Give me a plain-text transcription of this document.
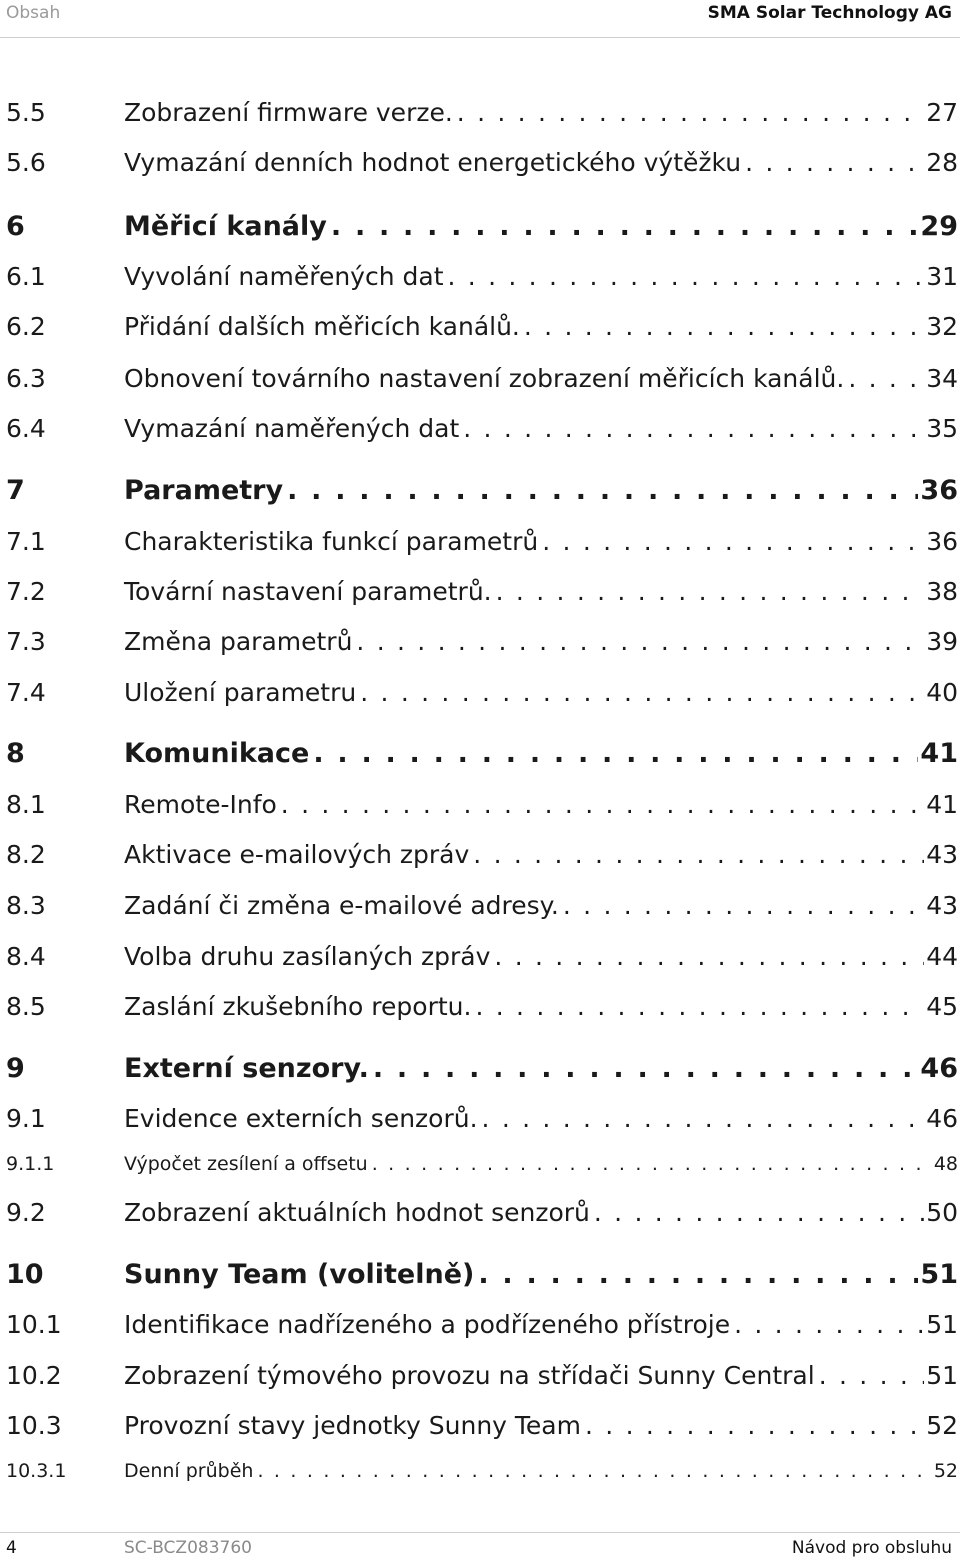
Obsah	SMA Solar Technology AG
5.5	Zobrazení firmware verze. . . .	27
5.6	Vymazání denních hodnot energetického výtěžku . . .	28
6	Měřicí kanály . . .	29
6.1	Vyvolání naměřených dat . . .	31
6.2	Přidání dalších měřicích kanálů. . . .	32
6.3	Obnovení továrního nastavení zobrazení měřicích kanálů. . . .	34
6.4	Vymazání naměřených dat . . .	35
7	Parametry . . .	36
7.1	Charakteristika funkcí parametrů . . .	36
7.2	Tovární nastavení parametrů. . . .	38
7.3	Změna parametrů . . .	39
7.4	Uložení parametru . . .	40
8	Komunikace . . .	41
8.1	Remote-Info . . .	41
8.2	Aktivace e-mailových zpráv . . .	43
8.3	Zadání či změna e-mailové adresy. . . .	43
8.4	Volba druhu zasílaných zpráv . . .	44
8.5	Zaslání zkušebního reportu. . . .	45
9	Externí senzory. . . .	46
9.1	Evidence externích senzorů. . . .	46
9.1.1	Výpočet zesílení a offsetu . . .	48
9.2	Zobrazení aktuálních hodnot senzorů . . .	50
10	Sunny Team (volitelně) . . .	51
10.1	Identifikace nadřízeného a podřízeného přístroje . . .	51
10.2	Zobrazení týmového provozu na střídači Sunny Central . . .	51
10.3	Provozní stavy jednotky Sunny Team . . .	52
10.3.1	Denní průběh . . .	52
4	SC-BCZ083760	Návod pro obsluhu
